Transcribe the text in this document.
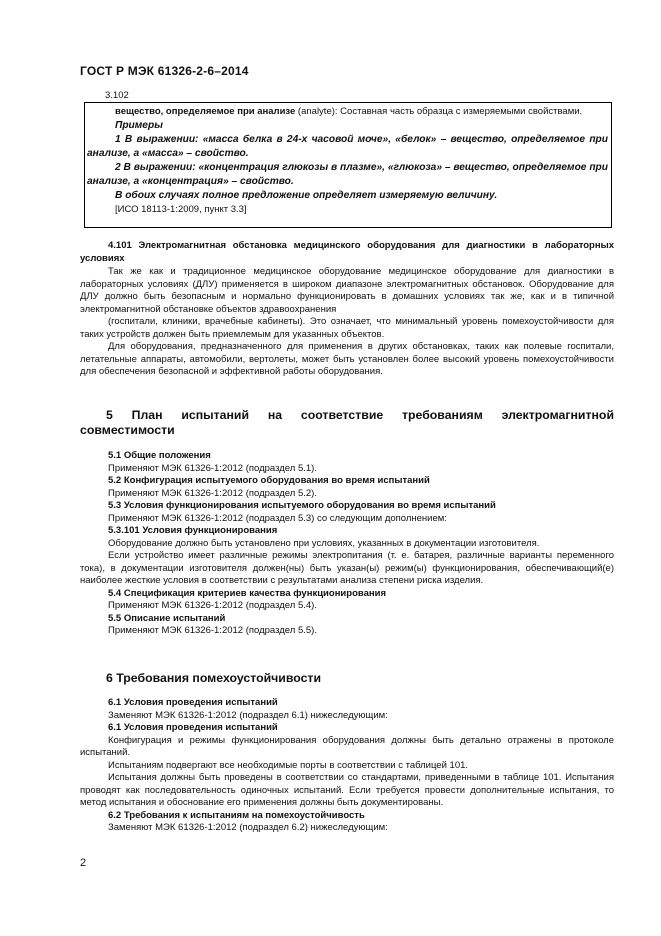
ГОСТ Р МЭК 61326-2-6–2014
3.102

вещество, определяемое при анализе (analyte): Составная часть образца с измеряемыми свойствами.

Примеры

1 В выражении: «масса белка в 24-х часовой моче», «белок» – вещество, определяемое при анализе, а «масса» – свойство.

2 В выражении: «концентрация глюкозы в плазме», «глюкоза» – вещество, определяемое при анализе, а «концентрация» – свойство.

В обоих случаях полное предложение определяет измеряемую величину.

[ИСО 18113-1:2009, пункт 3.3]

4.101 Электромагнитная обстановка медицинского оборудования для диагностики в лабораторных условиях

Так же как и традиционное медицинское оборудование медицинское оборудование для диагностики в лабораторных условиях (ДЛУ) применяется в широком диапазоне электромагнитных обстановок. Оборудование для ДЛУ должно быть безопасным и нормально функционировать в домашних условиях так же, как и в типичной электромагнитной обстановке объектов здравоохранения

(госпитали, клиники, врачебные кабинеты). Это означает, что минимальный уровень помехоустойчивости для таких устройств должен быть приемлемым для указанных объектов.

Для оборудования, предназначенного для применения в других обстановках, таких как полевые госпитали, летательные аппараты, автомобили, вертолеты, может быть установлен более высокий уровень помехоустойчивости для обеспечения безопасной и эффективной работы оборудования.

5 План испытаний на соответствие требованиям электромагнитной совместимости

5.1 Общие положения

Применяют МЭК 61326-1:2012 (подраздел 5.1).

5.2 Конфигурация испытуемого оборудования во время испытаний

Применяют МЭК 61326-1:2012 (подраздел 5.2).

5.3 Условия функционирования испытуемого оборудования во время испытаний

Применяют МЭК 61326-1:2012 (подраздел 5.3) со следующим дополнением:

5.3.101 Условия функционирования

Оборудование должно быть установлено при условиях, указанных в документации изготовителя.

Если устройство имеет различные режимы электропитания (т. е. батарея, различные варианты переменного тока), в документации изготовителя должен(ны) быть указан(ы) режим(ы) функционирования, обеспечивающий(е) наиболее жесткие условия в соответствии с результатами анализа степени риска изделия.

5.4 Спецификация критериев качества функционирования

Применяют МЭК 61326-1:2012 (подраздел 5.4).

5.5 Описание испытаний

Применяют МЭК 61326-1:2012 (подраздел 5.5).

6 Требования помехоустойчивости

6.1 Условия проведения испытаний

Заменяют МЭК 61326-1:2012 (подраздел 6.1) нижеследующим:

6.1 Условия проведения испытаний

Конфигурация и режимы функционирования оборудования должны быть детально отражены в протоколе испытаний.

Испытаниям подвергают все необходимые порты в соответствии с таблицей 101.

Испытания должны быть проведены в соответствии со стандартами, приведенными в таблице 101. Испытания проводят как последовательность одиночных испытаний. Если требуется провести дополнительные испытания, то метод испытания и обоснование его применения должны быть документированы.

6.2 Требования к испытаниям на помехоустойчивость

Заменяют МЭК 61326-1:2012 (подраздел 6.2) нижеследующим:

2
